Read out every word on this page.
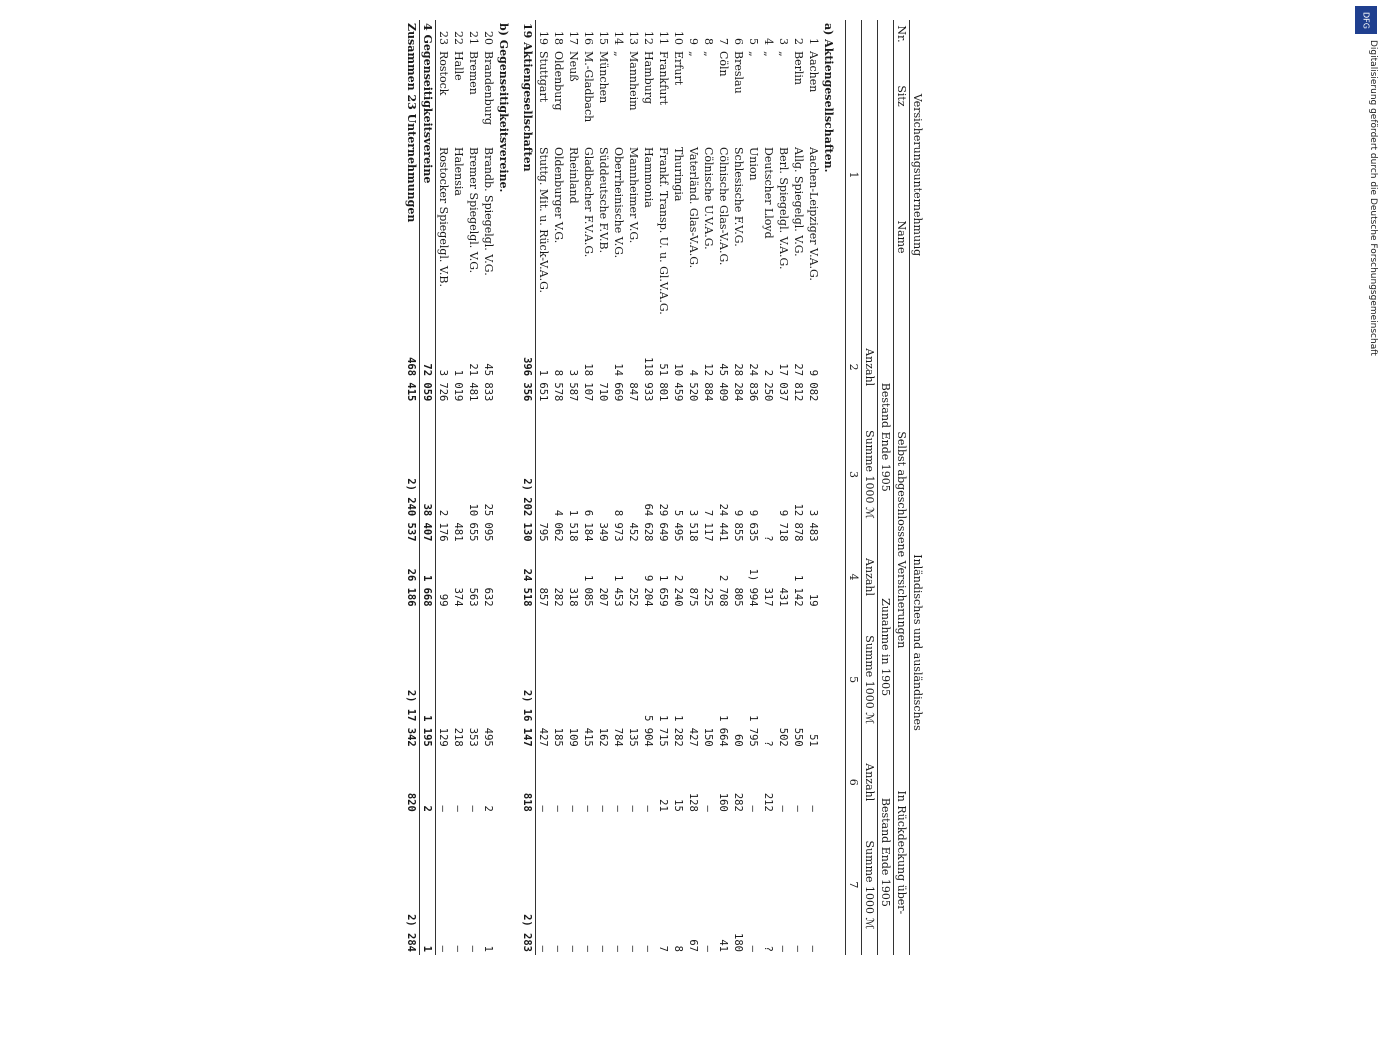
DFG
Digitalisierung gefördert durch die Deutsche Forschungsgemeinschaft
Versicherungsunternehmung			Inländisches und ausländisches					
Nr.	Sitz	Name	Selbst abgeschlossene Versicherungen				In Rückdeckung über-	
			Bestand Ende 1905		Zunahme in 1905		Bestand Ende 1905	
			Anzahl	Summe 1000 ℳ	Anzahl	Summe 1000 ℳ	Anzahl	Summe 1000 ℳ
1			2	3	4	5	6	7
a) Aktiengesellschaften.								
1	Aachen	Aachen-Leipziger V.A.G.	9 082	3 483	19	51	—	—
2	Berlin	Allg. Spiegelgl. V.G.	27 812	12 878	1 142	550	—	—
3	„	Berl. Spiegelgl. V.A.G.	17 037	9 718	431	502	—	—
4	„	Deutscher Lloyd	2 250	?	317	?	212	?
5	„	Union	24 836	9 635	1) 994	1 795	—	—
6	Breslau	Schlesische F.V.G.	28 284	9 855	805	60	282	180
7	Cöln	Cölnische Glas-V.A.G.	45 409	24 441	2 708	1 664	160	41
8	„	Cölnische U.V.A.G.	12 884	7 117	225	150	—	—
9	„	Vaterländ. Glas-V.A.G.	4 520	3 518	875	427	128	67
10	Erfurt	Thuringia	10 459	5 495	2 240	1 282	15	8
11	Frankfurt	Frankf. Transp. U. u. Gl.V.A.G.	51 801	29 649	1 659	1 715	21	7
12	Hamburg	Hammonia	118 933	64 628	9 204	5 904	—	—
13	Mannheim	Mannheimer V.G.	847	452	252	135	—	—
14	„	Oberrheinische V.G.	14 669	8 973	1 453	784	—	—
15	München	Süddeutsche F.V.B.	710	349	207	162	—	—
16	M.-Gladbach	Gladbacher F.V.A.G.	18 107	6 184	1 085	415	—	—
17	Neuß	Rheinland	3 587	1 518	318	109	—	—
18	Oldenburg	Oldenburger V.G.	8 578	4 062	282	185	—	—
19	Stuttgart	Stuttg. Mit. u. Rück-V.A.G.	1 651	795	857	427	—	—
19 Aktiengesellschaften			396 356	2) 202 130	24 518	2) 16 147	818	2) 283
b) Gegenseitigkeitsvereine.								
20	Brandenburg	Brandb. Spiegelgl. V.G.	45 833	25 095	632	495	2	1
21	Bremen	Bremer Spiegelgl. V.G.	21 481	10 655	563	353	—	—
22	Halle	Halensia	1 019	481	374	218	—	—
23	Rostock	Rostocker Spiegelgl. V.B.	3 726	2 176	99	129	—	—
4 Gegenseitigkeitsvereine			72 059	38 407	1 668	1 195	2	1
Zusammen 23 Unternehmungen			468 415	2) 240 537	26 186	2) 17 342	820	2) 284
